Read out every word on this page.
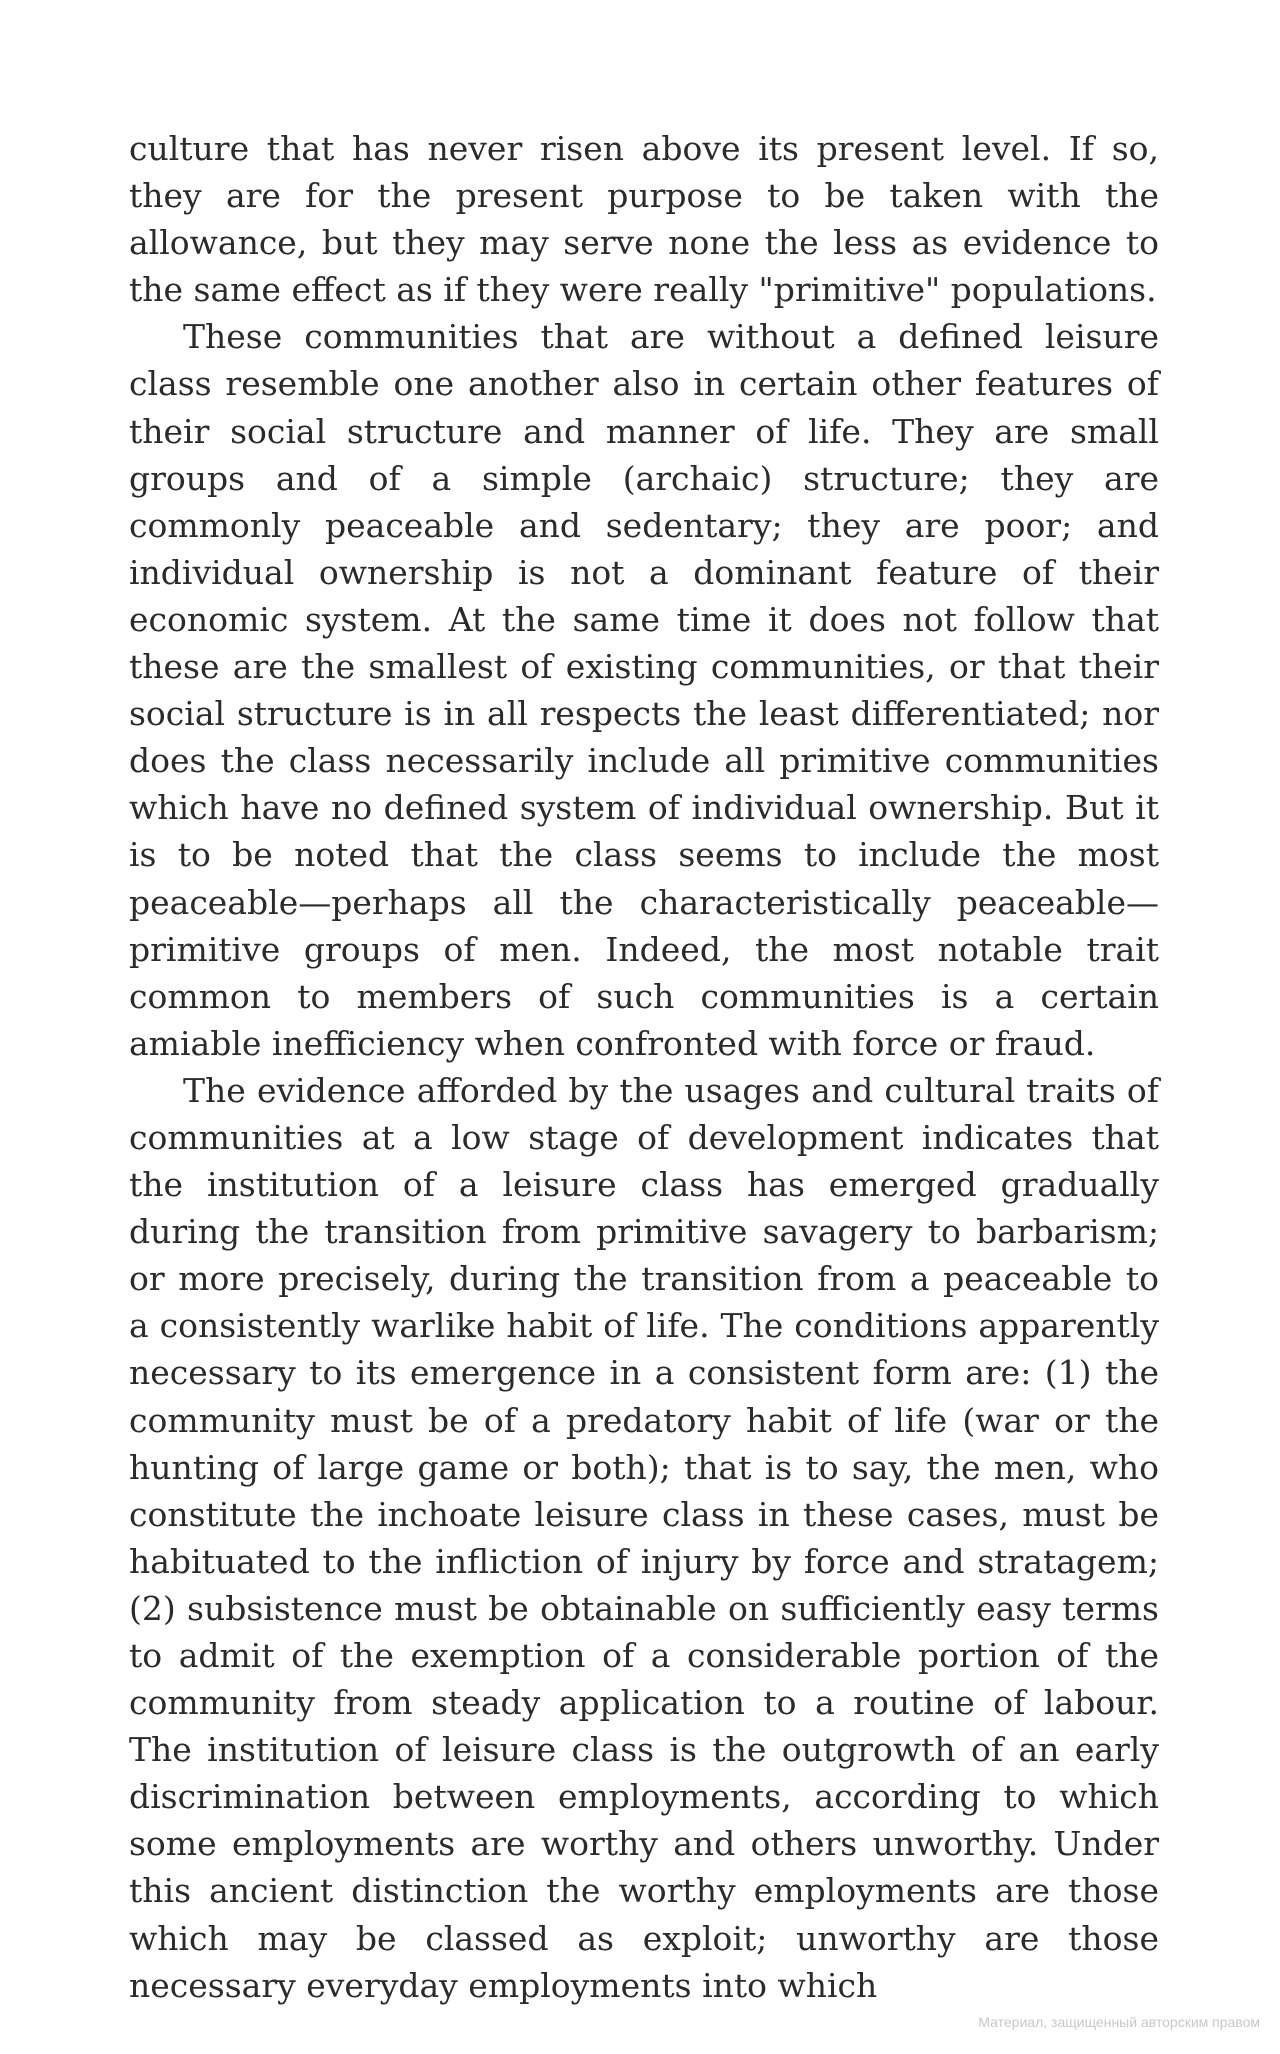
culture that has never risen above its present level. If so, they are for the present purpose to be taken with the allowance, but they may serve none the less as evidence to the same effect as if they were really "primitive" populations.

These communities that are without a defined leisure class resemble one another also in certain other features of their social structure and manner of life. They are small groups and of a simple (archaic) structure; they are commonly peaceable and sedentary; they are poor; and individual ownership is not a dominant feature of their economic system. At the same time it does not follow that these are the smallest of existing communities, or that their social structure is in all respects the least differentiated; nor does the class necessarily include all primitive communities which have no defined system of individual ownership. But it is to be noted that the class seems to include the most peaceable—perhaps all the characteristically peaceable—primitive groups of men. Indeed, the most notable trait common to members of such communities is a certain amiable inefficiency when confronted with force or fraud.

The evidence afforded by the usages and cultural traits of communities at a low stage of development indicates that the institution of a leisure class has emerged gradually during the transition from primitive savagery to barbarism; or more precisely, during the transition from a peaceable to a consistently warlike habit of life. The conditions apparently necessary to its emergence in a consistent form are: (1) the community must be of a predatory habit of life (war or the hunting of large game or both); that is to say, the men, who constitute the inchoate leisure class in these cases, must be habituated to the infliction of injury by force and stratagem; (2) subsistence must be obtainable on sufficiently easy terms to admit of the exemption of a considerable portion of the community from steady application to a routine of labour. The institution of leisure class is the outgrowth of an early discrimination between employments, according to which some employments are worthy and others unworthy. Under this ancient distinction the worthy employments are those which may be classed as exploit; unworthy are those necessary everyday employments into which

Материал, защищенный авторским правом
